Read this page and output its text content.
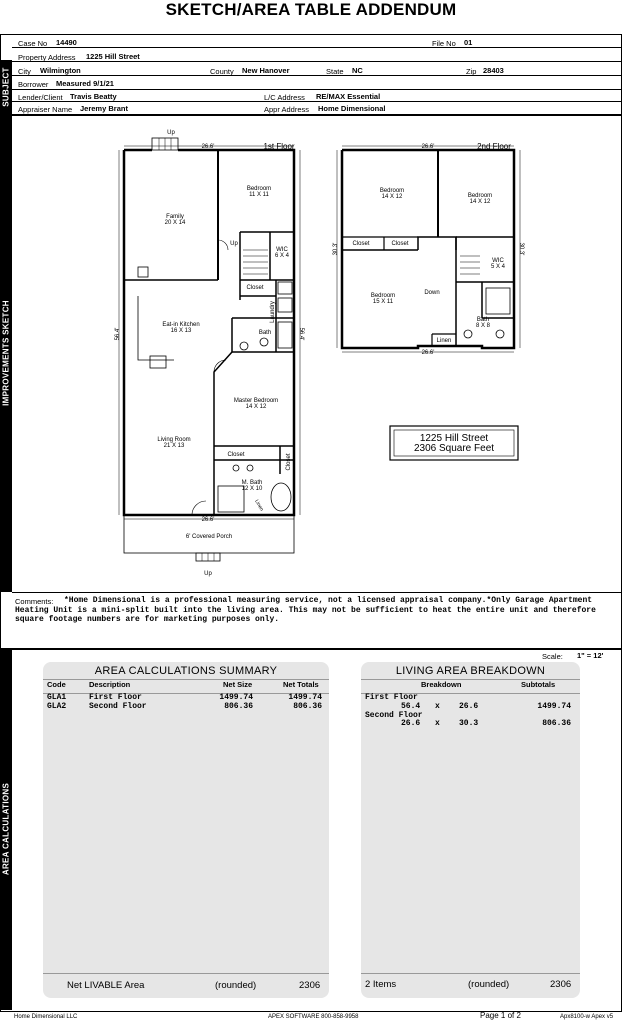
SKETCH/AREA TABLE ADDENDUM
SUBJECT
Case No 14490	File No 01
Property Address 1225 Hill Street
City Wilmington	County New Hanover	State NC	Zip 28403
Borrower Measured 9/1/21
Lender/Client Travis Beatty	L/C Address RE/MAX Essential
Appraiser Name Jeremy Brant	Appr Address Home Dimensional
IMPROVEMENTS SKETCH
1st Floor	2nd Floor
26.6'	26.6'
26.6'
26.6'
56.4'	56.4'
30.3'
30.3'
Up
Up
Up
Down
Family
20 X 14
Bedroom
11 X 11
WIC
6 X 4
Closet
Laundry
Eat-in Kitchen
16 X 13	Bath
Master Bedroom
14 X 12
Living Room
21 X 13
Closet	Closet
M. Bath
12 X 10
Linen
6' Covered Porch
Bedroom
14 X 12	Bedroom
14 X 12
Closet	Closet
WIC
5 X 4
Bedroom
15 X 11
Bath
8 X 8
Linen
1225 Hill Street
2306 Square Feet
Comments:	*Home Dimensional is a professional measuring service, not a licensed appraisal company.*Only Garage Apartment
Heating Unit is a mini-split built into the living area. This may not be sufficient to heat the entire unit and therefore
square footage numbers are for marketing purposes only.
AREA CALCULATIONS
Scale: 1" = 12'
AREA CALCULATIONS SUMMARY
Code	Description	Net Size	Net Totals
GLA1	First Floor	1499.74	1499.74
GLA2	Second Floor	806.36	806.36
Net LIVABLE Area	(rounded)	2306
LIVING AREA BREAKDOWN
Breakdown	Subtotals
First Floor
56.4 x 26.6	1499.74
Second Floor
26.6 x 30.3	806.36
2 Items	(rounded)	2306
Home Dimensional LLC	APEX SOFTWARE 800-858-9958	Page 1 of 2	Apx8100-w Apex v5
